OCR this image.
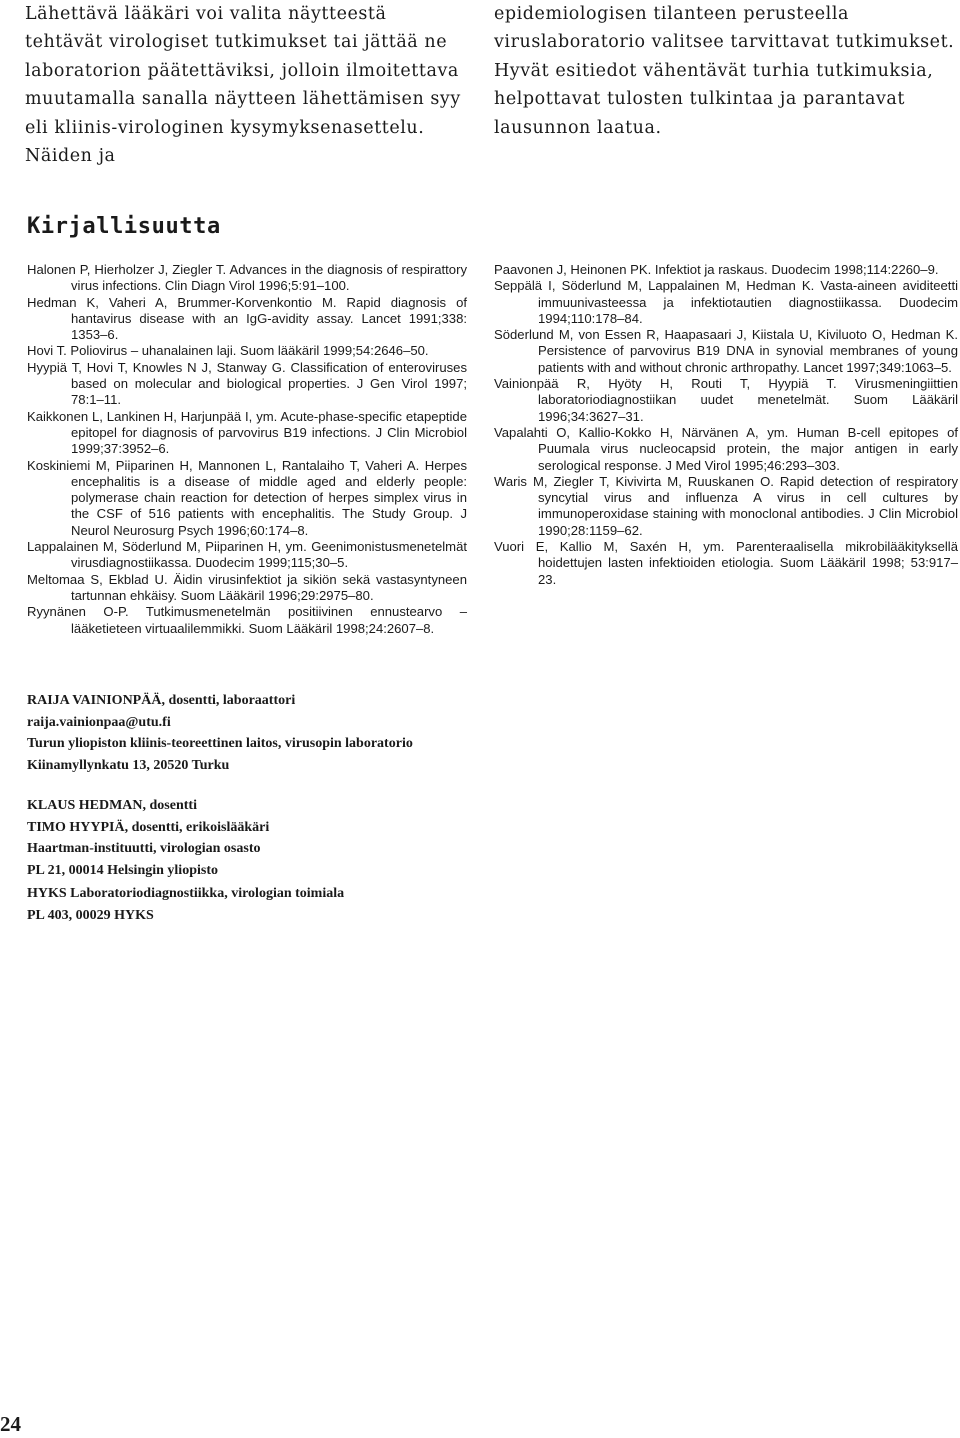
Lähettävä lääkäri voi valita näytteestä tehtävät virologiset tutkimukset tai jättää ne laboratorion päätettäviksi, jolloin ilmoitettava muutamalla sanalla näytteen lähettämisen syy eli kliinis-virologinen kysymyksenasettelu. Näiden ja

epidemiologisen tilanteen perusteella viruslaboratorio valitsee tarvittavat tutkimukset. Hyvät esitiedot vähentävät turhia tutkimuksia, helpottavat tulosten tulkintaa ja parantavat lausunnon laatua.

Kirjallisuutta
Halonen P, Hierholzer J, Ziegler T. Advances in the diagnosis of respirattory virus infections. Clin Diagn Virol 1996;5:91–100.
Hedman K, Vaheri A, Brummer-Korvenkontio M. Rapid diagnosis of hantavirus disease with an IgG-avidity assay. Lancet 1991;338: 1353–6.
Hovi T. Poliovirus – uhanalainen laji. Suom lääkäril 1999;54:2646–50.
Hyypiä T, Hovi T, Knowles N J, Stanway G. Classification of enteroviruses based on molecular and biological properties. J Gen Virol 1997; 78:1–11.
Kaikkonen L, Lankinen H, Harjunpää I, ym. Acute-phase-specific etapeptide epitopel for diagnosis of parvovirus B19 infections. J Clin Microbiol 1999;37:3952–6.
Koskiniemi M, Piiparinen H, Mannonen L, Rantalaiho T, Vaheri A. Herpes encephalitis is a disease of middle aged and elderly people: polymerase chain reaction for detection of herpes simplex virus in the CSF of 516 patients with encephalitis. The Study Group. J Neurol Neurosurg Psych 1996;60:174–8.
Lappalainen M, Söderlund M, Piiparinen H, ym. Geenimonistusmenetelmät virusdiagnostiikassa. Duodecim 1999;115;30–5.
Meltomaa S, Ekblad U. Äidin virusinfektiot ja sikiön sekä vastasyntyneen tartunnan ehkäisy. Suom Lääkäril 1996;29:2975–80.
Ryynänen O-P. Tutkimusmenetelmän positiivinen ennustearvo – lääketieteen virtuaalilemmikki. Suom Lääkäril 1998;24:2607–8.
Paavonen J, Heinonen PK. Infektiot ja raskaus. Duodecim 1998;114:2260–9.
Seppälä I, Söderlund M, Lappalainen M, Hedman K. Vasta-aineen aviditeetti immuunivasteessa ja infektiotautien diagnostiikassa. Duodecim 1994;110:178–84.
Söderlund M, von Essen R, Haapasaari J, Kiistala U, Kiviluoto O, Hedman K. Persistence of parvovirus B19 DNA in synovial membranes of young patients with and without chronic arthropathy. Lancet 1997;349:1063–5.
Vainionpää R, Hyöty H, Routi T, Hyypiä T. Virusmeningiittien laboratoriodiagnostiikan uudet menetelmät. Suom Lääkäril 1996;34:3627–31.
Vapalahti O, Kallio-Kokko H, Närvänen A, ym. Human B-cell epitopes of Puumala virus nucleocapsid protein, the major antigen in early serological response. J Med Virol 1995;46:293–303.
Waris M, Ziegler T, Kivivirta M, Ruuskanen O. Rapid detection of respiratory syncytial virus and influenza A virus in cell cultures by immunoperoxidase staining with monoclonal antibodies. J Clin Microbiol 1990;28:1159–62.
Vuori E, Kallio M, Saxén H, ym. Parenteraalisella mikrobilääkityksellä hoidettujen lasten infektioiden etiologia. Suom Lääkäril 1998; 53:917–23.
RAIJA VAINIONPÄÄ, dosentti, laboraattori
raija.vainionpaa@utu.fi
Turun yliopiston kliinis-teoreettinen laitos, virusopin laboratorio
Kiinamyllynkatu 13, 20520 Turku
KLAUS HEDMAN, dosentti
TIMO HYYPIÄ, dosentti, erikoislääkäri
Haartman-instituutti, virologian osasto
PL 21, 00014 Helsingin yliopisto
HYKS Laboratoriodiagnostiikka, virologian toimiala
PL 403, 00029 HYKS
24
